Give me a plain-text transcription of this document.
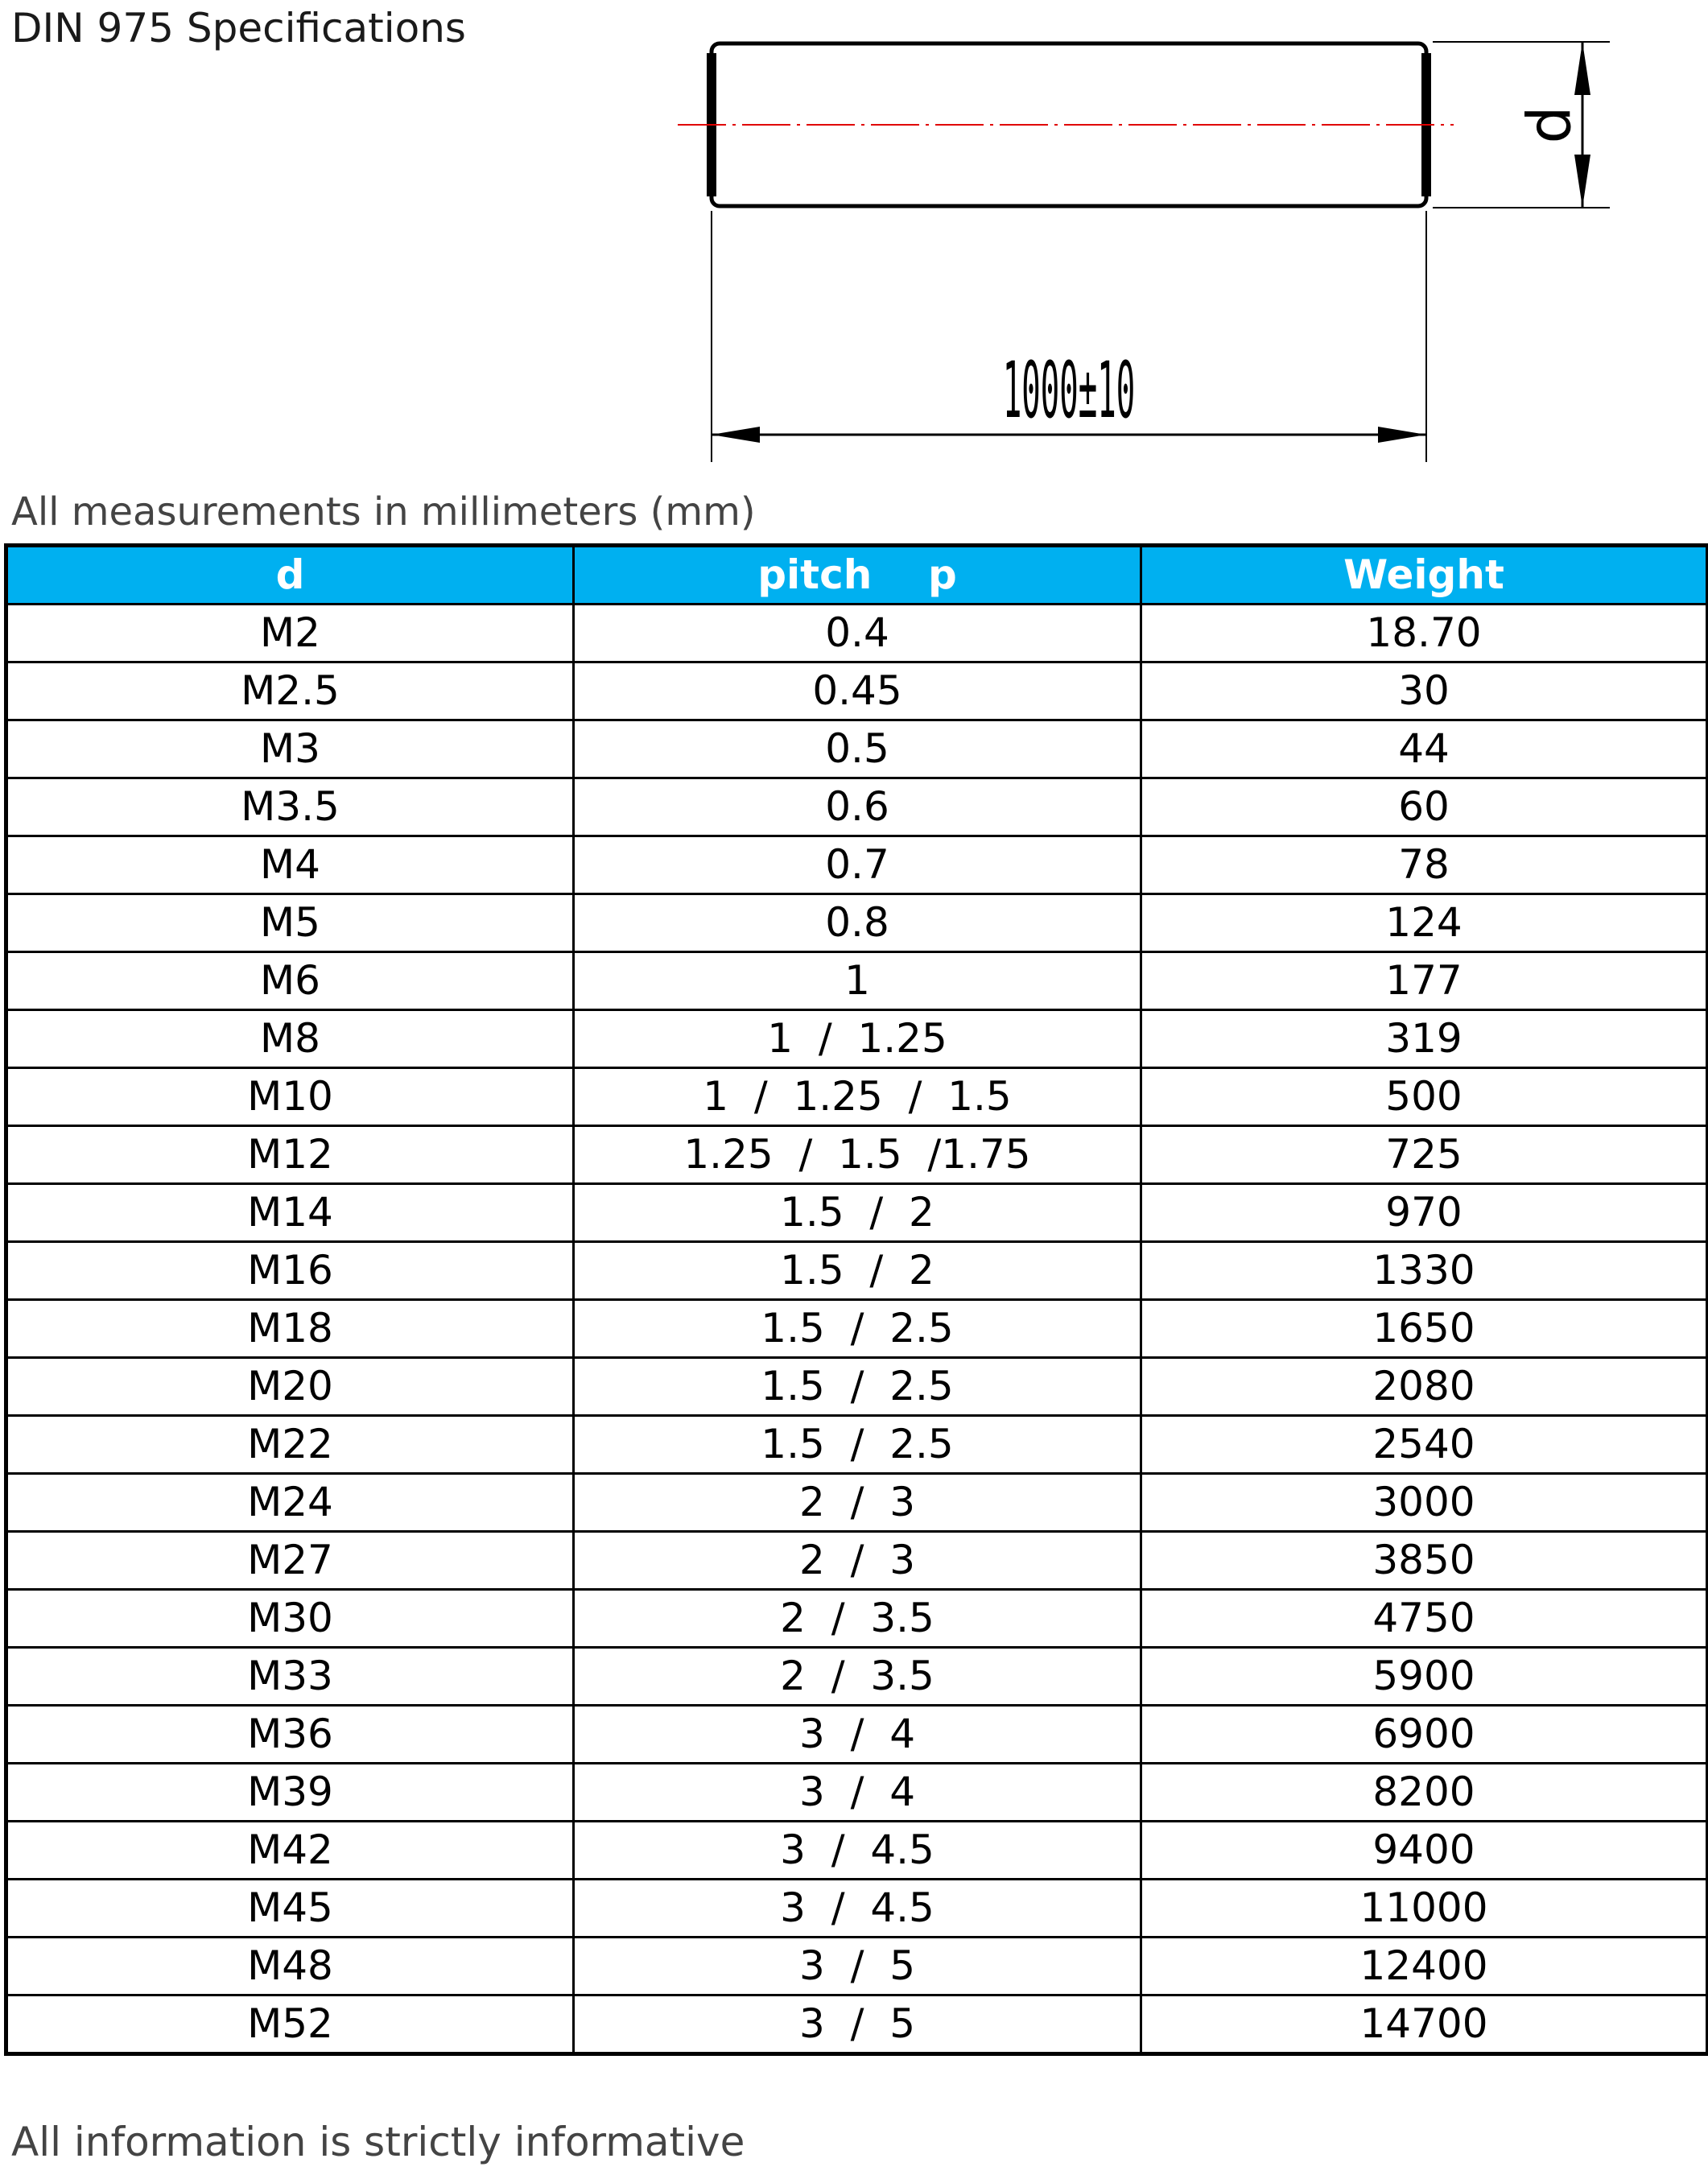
DIN 975 Specifications
d
1000±10
All measurements in millimeters (mm)
d	pitch    p	Weight
M2	0.4	18.70
M2.5	0.45	30
M3	0.5	44
M3.5	0.6	60
M4	0.7	78
M5	0.8	124
M6	1	177
M8	1  /  1.25	319
M10	1  /  1.25  /  1.5	500
M12	1.25  /  1.5  /1.75	725
M14	1.5  /  2	970
M16	1.5  /  2	1330
M18	1.5  /  2.5	1650
M20	1.5  /  2.5	2080
M22	1.5  /  2.5	2540
M24	2  /  3	3000
M27	2  /  3	3850
M30	2  /  3.5	4750
M33	2  /  3.5	5900
M36	3  /  4	6900
M39	3  /  4	8200
M42	3  /  4.5	9400
M45	3  /  4.5	11000
M48	3  /  5	12400
M52	3  /  5	14700
All information is strictly informative
